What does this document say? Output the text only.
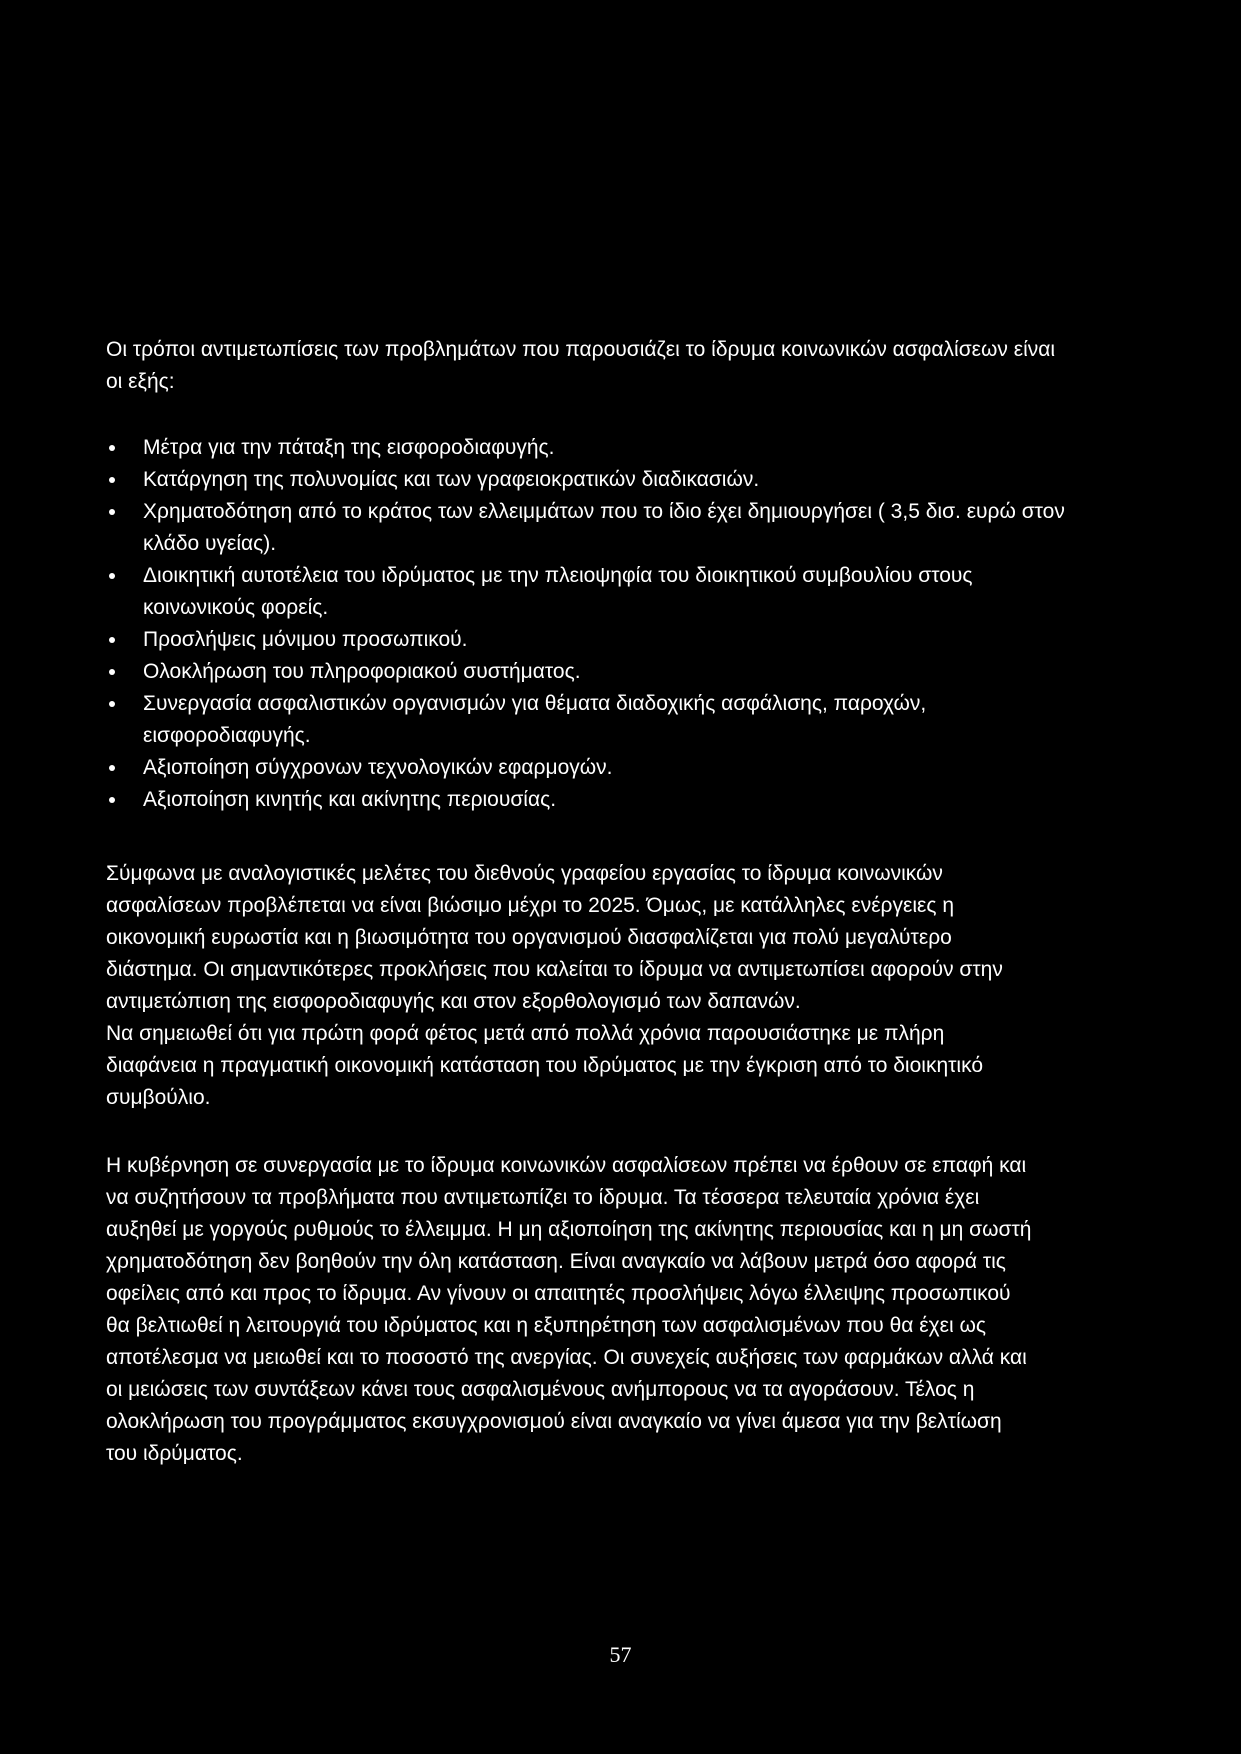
Οι τρόποι αντιμετωπίσεις των προβλημάτων που παρουσιάζει το ίδρυμα κοινωνικών ασφαλίσεων είναι οι εξής:

Μέτρα για την πάταξη της εισφοροδιαφυγής.
Κατάργηση της πολυνομίας και των γραφειοκρατικών διαδικασιών.
Χρηματοδότηση από το κράτος των ελλειμμάτων που το ίδιο έχει δημιουργήσει ( 3,5 δισ. ευρώ στον κλάδο υγείας).
Διοικητική αυτοτέλεια του ιδρύματος με την πλειοψηφία του διοικητικού συμβουλίου στους κοινωνικούς φορείς.
Προσλήψεις μόνιμου προσωπικού.
Ολοκλήρωση του πληροφοριακού συστήματος.
Συνεργασία ασφαλιστικών οργανισμών για θέματα διαδοχικής ασφάλισης, παροχών, εισφοροδιαφυγής.
Αξιοποίηση σύγχρονων τεχνολογικών εφαρμογών.
Αξιοποίηση κινητής και ακίνητης περιουσίας.
Σύμφωνα με αναλογιστικές μελέτες του διεθνούς γραφείου εργασίας το ίδρυμα κοινωνικών ασφαλίσεων προβλέπεται να είναι βιώσιμο μέχρι το 2025. Όμως, με κατάλληλες ενέργειες η οικονομική ευρωστία και η βιωσιμότητα του οργανισμού διασφαλίζεται για πολύ μεγαλύτερο διάστημα. Οι σημαντικότερες προκλήσεις που καλείται το ίδρυμα να αντιμετωπίσει αφορούν στην αντιμετώπιση της εισφοροδιαφυγής και στον εξορθολογισμό των δαπανών.
Να σημειωθεί ότι για πρώτη φορά φέτος μετά από πολλά χρόνια παρουσιάστηκε με πλήρη διαφάνεια η πραγματική οικονομική κατάσταση του ιδρύματος με την έγκριση από το διοικητικό συμβούλιο.

Η κυβέρνηση σε συνεργασία με το ίδρυμα κοινωνικών ασφαλίσεων πρέπει να έρθουν σε επαφή και να συζητήσουν τα προβλήματα που αντιμετωπίζει το ίδρυμα. Τα τέσσερα τελευταία χρόνια έχει αυξηθεί με γοργούς ρυθμούς το έλλειμμα. Η μη αξιοποίηση της ακίνητης περιουσίας και η μη σωστή χρηματοδότηση δεν βοηθούν την όλη κατάσταση. Είναι αναγκαίο να λάβουν μετρά όσο αφορά τις οφείλεις από και προς το ίδρυμα. Αν γίνουν οι απαιτητές προσλήψεις λόγω έλλειψης προσωπικού θα βελτιωθεί η λειτουργιά του ιδρύματος και η εξυπηρέτηση των ασφαλισμένων που θα έχει ως αποτέλεσμα να μειωθεί και το ποσοστό της ανεργίας. Οι συνεχείς αυξήσεις των φαρμάκων αλλά και οι μειώσεις των συντάξεων κάνει τους ασφαλισμένους ανήμπορους να τα αγοράσουν. Τέλος η ολοκλήρωση του προγράμματος εκσυγχρονισμού είναι αναγκαίο να γίνει άμεσα για την βελτίωση του ιδρύματος.

57
